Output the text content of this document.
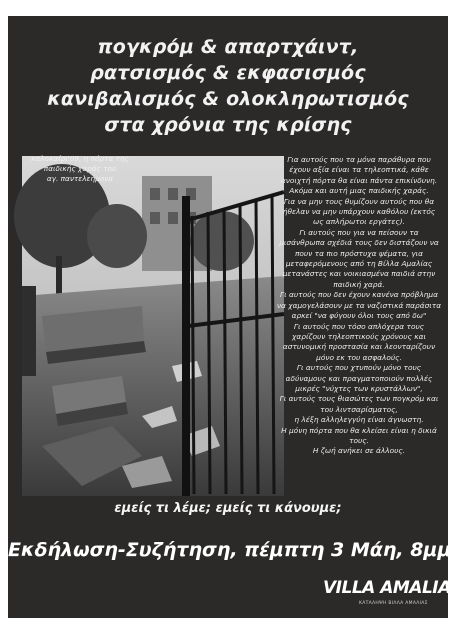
πογκρόμ & απαρτχάιντ,
ρατσισμός & εκφασισμός
κανιβαλισμός & ολοκληρωτισμός
στα χρόνια της κρίσης
καλοκαίρι'09, η πόρτα της
παιδικής χαράς του
αγ. παντελεήμονα
Για αυτούς που τα μόνα παράθυρα που
έχουν αξία είναι τα τηλεοπτικά, κάθε
ανοιχτή πόρτα θα είναι πάντα επικίνδυνη.
Ακόμα και αυτή μιας παιδικής χαράς.
Για να μην τους θυμίζουν αυτούς που θα
ήθελαν να μην υπάρχουν καθόλου (εκτός
ως απλήρωτοι εργάτες).
Γι αυτούς που για να πείσουν τα
μισάνθρωπα σχέδιά τους δεν διστάζουν να
πουν τα πιο πρόστυχα ψέματα, για
μεταφερόμενους από τη Βίλλα Αμαλίας
μετανάστες και νοικιασμένα παιδιά στην
παιδική χαρά.
Γι αυτούς που δεν έχουν κανένα πρόβλημα
να χαμογελάσουν με τα ναζιστικά παράσιτα
αρκεί "να φύγουν όλοι τους από δω"
Γι αυτούς που τόσο απλόχερα τους
χαρίζουν τηλεοπτικούς χρόνους και
αστυνομική προστασία και λεονταρίζουν
μόνο εκ του ασφαλούς.
Γι αυτούς που χτυπούν μόνο τους
αδύναμους και πραγματοποιούν πολλές
μικρές "νύχτες των κρυστάλλων",
Γι αυτούς τους θιασώτες των πογκρόμ και
του λιντσαρίσματος,
η λέξη αλληλεγγύη είναι άγνωστη.
Η μόνη πόρτα που θα κλείσει είναι η δικιά
τους.
Η ζωή ανήκει σε άλλους.
εμείς τι λέμε; εμείς τι κάνουμε;
Εκδήλωση-Συζήτηση, πέμπτη 3 Μάη, 8μμ
VILLA AMALIAS
ΚΑΤΑΛΗΨΗ ΒΙΛΛΑ ΑΜΑΛΙΑΣ
